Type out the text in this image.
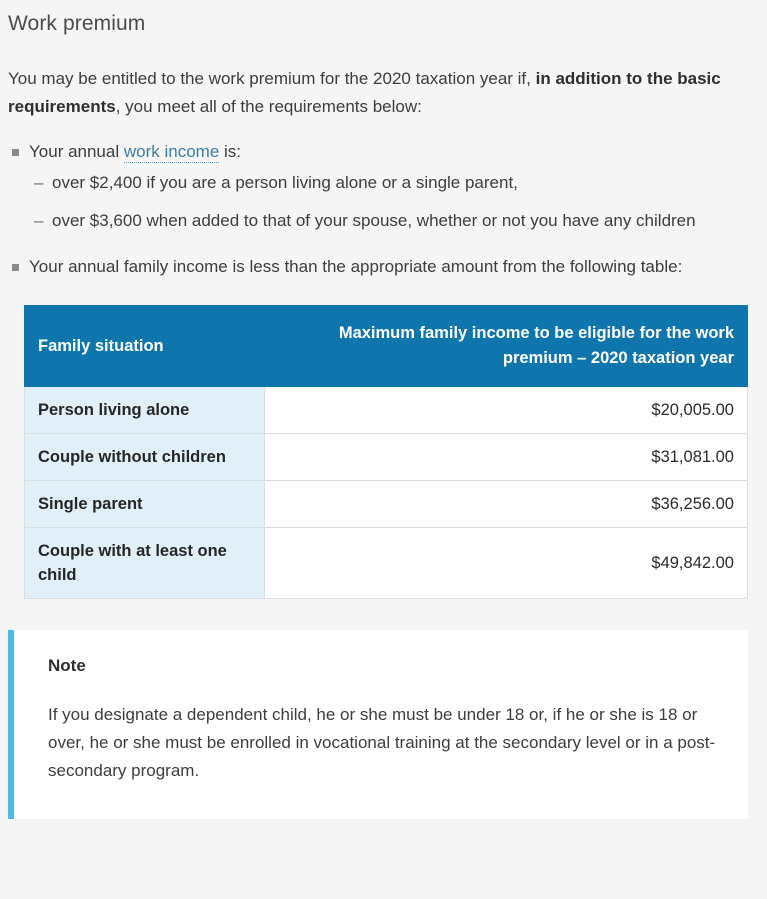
Work premium

You may be entitled to the work premium for the 2020 taxation year if, in addition to the basic requirements, you meet all of the requirements below:

Your annual work income is:
– over $2,400 if you are a person living alone or a single parent,
– over $3,600 when added to that of your spouse, whether or not you have any children
Your annual family income is less than the appropriate amount from the following table:
Family situation	Maximum family income to be eligible for the work premium – 2020 taxation year
Person living alone	$20,005.00
Couple without children	$31,081.00
Single parent	$36,256.00
Couple with at least one child	$49,842.00

Note

If you designate a dependent child, he or she must be under 18 or, if he or she is 18 or over, he or she must be enrolled in vocational training at the secondary level or in a post-secondary program.
